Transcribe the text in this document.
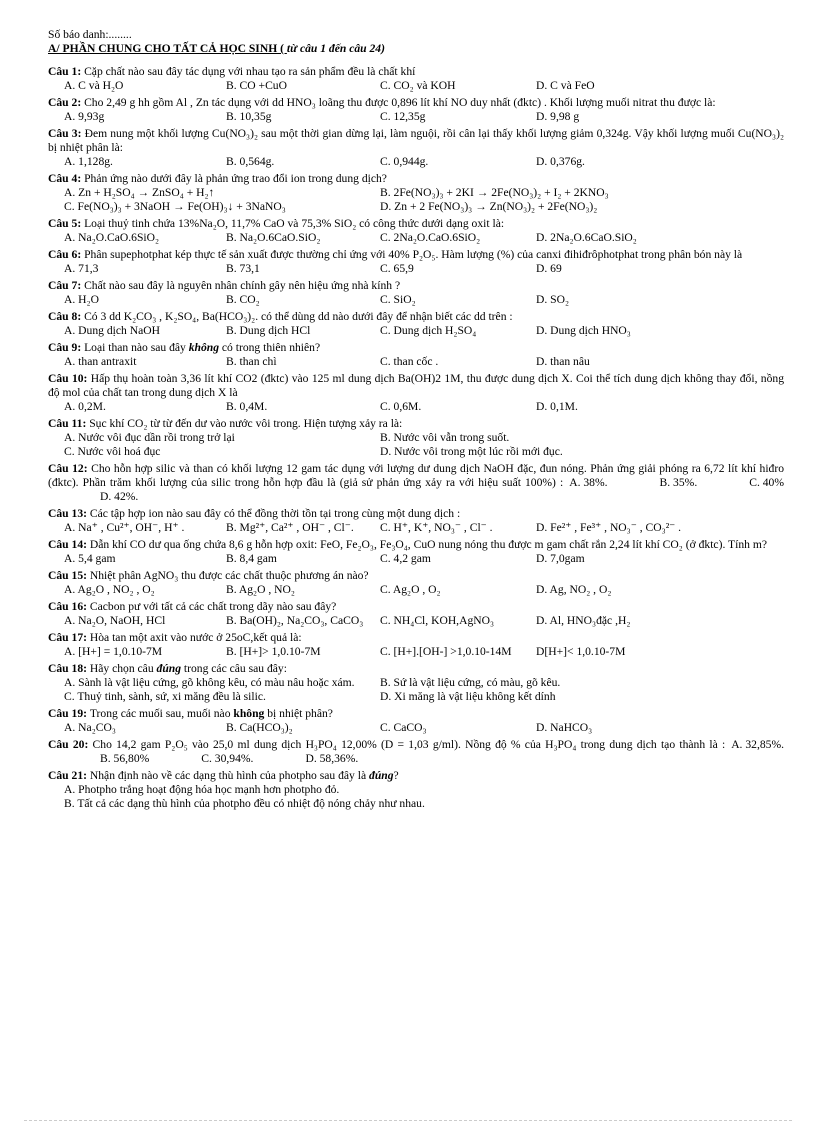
Số báo danh:........
A/ PHẦN CHUNG CHO TẤT CẢ HỌC SINH ( từ câu 1 đến câu 24)
Câu 1: Cặp chất nào sau đây tác dụng với nhau tạo ra sản phẩm đều là chất khí
A. C và H₂O	B. CO +CuO	C. CO₂ và KOH	D. C và FeO
Câu 2: Cho 2,49 g hh gồm Al , Zn tác dụng với dd HNO₃ loãng thu được 0,896 lít khí NO duy nhất (đktc) . Khối lượng muối nitrat thu được là:
A. 9,93g	B. 10,35g	C. 12,35g	D. 9,98 g
Câu 3: Đem nung một khối lượng Cu(NO₃)₂ sau một thời gian dừng lại, làm nguội, rồi cân lại thấy khối lượng giảm 0,324g. Vậy khối lượng muối Cu(NO₃)₂ bị nhiệt phân là:
A. 1,128g.	B. 0,564g.	C. 0,944g.	D. 0,376g.
Câu 4: Phản ứng nào dưới đây là phản ứng trao đổi ion trong dung dịch?
A. Zn + H₂SO₄ → ZnSO₄ + H₂↑	B. 2Fe(NO₃)₃ + 2KI → 2Fe(NO₃)₂ + I₂ + 2KNO₃
C. Fe(NO₃)₃ + 3NaOH → Fe(OH)₃↓ + 3NaNO₃	D. Zn + 2 Fe(NO₃)₃ → Zn(NO₃)₂ + 2Fe(NO₃)₂
Câu 5: Loại thuỷ tinh chứa 13%Na₂O, 11,7% CaO và 75,3% SiO₂ có công thức dưới dạng oxit là:
A. Na₂O.CaO.6SiO₂	B. Na₂O.6CaO.SiO₂	C. 2Na₂O.CaO.6SiO₂	D. 2Na₂O.6CaO.SiO₂
Câu 6: Phân supephotphat kép thực tế sản xuất được thường chỉ ứng với 40% P₂O₅. Hàm lượng (%) của canxi đihiđrôphotphat trong phân bón này là
A. 71,3	B. 73,1	C. 65,9	D. 69
Câu 7: Chất nào sau đây là nguyên nhân chính gây nên hiệu ứng nhà kính ?
A. H₂O	B. CO₂	C. SiO₂	D. SO₂
Câu 8: Có 3 dd K₂CO₃ , K₂SO₄, Ba(HCO₃)₂. có thể dùng dd nào dưới đây để nhận biết các dd trên :
A. Dung dịch NaOH	B. Dung dịch HCl	C. Dung dịch H₂SO₄	D. Dung dịch HNO₃
Câu 9: Loại than nào sau đây không có trong thiên nhiên?
A. than antraxit	B. than chì	C. than cốc .	D. than nâu
Câu 10: Hấp thụ hoàn toàn 3,36 lít khí CO2 (đktc) vào 125 ml dung dịch Ba(OH)2 1M, thu được dung dịch X. Coi thể tích dung dịch không thay đổi, nồng độ mol của chất tan trong dung dịch X là
A. 0,2M.	B. 0,4M.	C. 0,6M.	D. 0,1M.
Câu 11: Sục khí CO₂ từ từ đến dư vào nước vôi trong. Hiện tượng xảy ra là:
A. Nước vôi đục dần rồi trong trở lại	B. Nước vôi vẫn trong suốt.
C. Nước vôi hoá đục	D. Nước vôi trong một lúc rồi mới đục.
Câu 12: Cho hỗn hợp silic và than có khối lượng 12 gam tác dụng với lượng dư dung dịch NaOH đặc, đun nóng. Phản ứng giải phóng ra 6,72 lít khí hiđro (đktc). Phần trăm khối lượng của silic trong hỗn hợp đầu là (giả sử phản ứng xảy ra với hiệu suất 100%) : A. 38%.	B. 35%.	C. 40%D. 42%.
Câu 13: Các tập hợp ion nào sau đây có thể đồng thời tồn tại trong cùng một dung dịch :
A. Na⁺ , Cu²⁺, OH⁻, H⁺ .	B. Mg²⁺, Ca²⁺ , OH⁻ , Cl⁻. C. H⁺, K⁺, NO₃⁻ , Cl⁻ .	D. Fe²⁺ , Fe³⁺ , NO₃⁻ , CO₃²⁻ .
Câu 14: Dẫn khí CO dư qua ống chứa 8,6 g hỗn hợp oxit: FeO, Fe₂O₃, Fe₃O₄, CuO nung nóng thu được m gam chất rắn 2,24 lít khí CO₂ (ở đktc). Tính m?
A. 5,4 gam	B. 8,4 gam	C. 4,2 gam	D. 7,0gam
Câu 15: Nhiệt phân AgNO₃ thu được các chất thuộc phương án nào?
A. Ag₂O , NO₂ , O₂	B. Ag₂O , NO₂	C. Ag₂O , O₂	D. Ag, NO₂ , O₂
Câu 16: Cacbon pư với tất cả các chất trong dãy nào sau đây?
A. Na₂O, NaOH, HCl	B. Ba(OH)₂, Na₂CO₃, CaCO₃ C. NH₄Cl, KOH,AgNO₃	D. Al, HNO₃đặc ,H₂
Câu 17: Hòa tan một axit vào nước ở 25oC,kết quả là:
A. [H+] = 1,0.10-7M	B. [H+]> 1,0.10-7M	C. [H+].[OH-] >1,0.10-14M D[H+]< 1,0.10-7M
Câu 18: Hãy chọn câu đúng trong các câu sau đây:
A. Sành là vật liệu cứng, gõ không kêu, có màu nâu hoặc xám. B. Sứ là vật liệu cứng, có màu, gõ kêu.
C. Thuỷ tinh, sành, sứ, xi măng đều là silic.	D. Xi măng là vật liệu không kết dính
Câu 19: Trong các muối sau, muối nào không bị nhiệt phân?
A. Na₂CO₃	B. Ca(HCO₃)₂	C. CaCO₃	D. NaHCO₃
Câu 20: Cho 14,2 gam P₂O₅ vào 25,0 ml dung dịch H₃PO₄ 12,00% (D = 1,03 g/ml). Nồng độ % của H₃PO₄ trong dung dịch tạo thành là : A. 32,85%.B. 56,80%	C. 30,94%.	D. 58,36%.
Câu 21: Nhận định nào về các dạng thù hình của photpho sau đây là đúng?
A. Photpho trắng hoạt động hóa học mạnh hơn photpho đỏ.
B. Tất cả các dạng thù hình của photpho đều có nhiệt độ nóng chảy như nhau.
